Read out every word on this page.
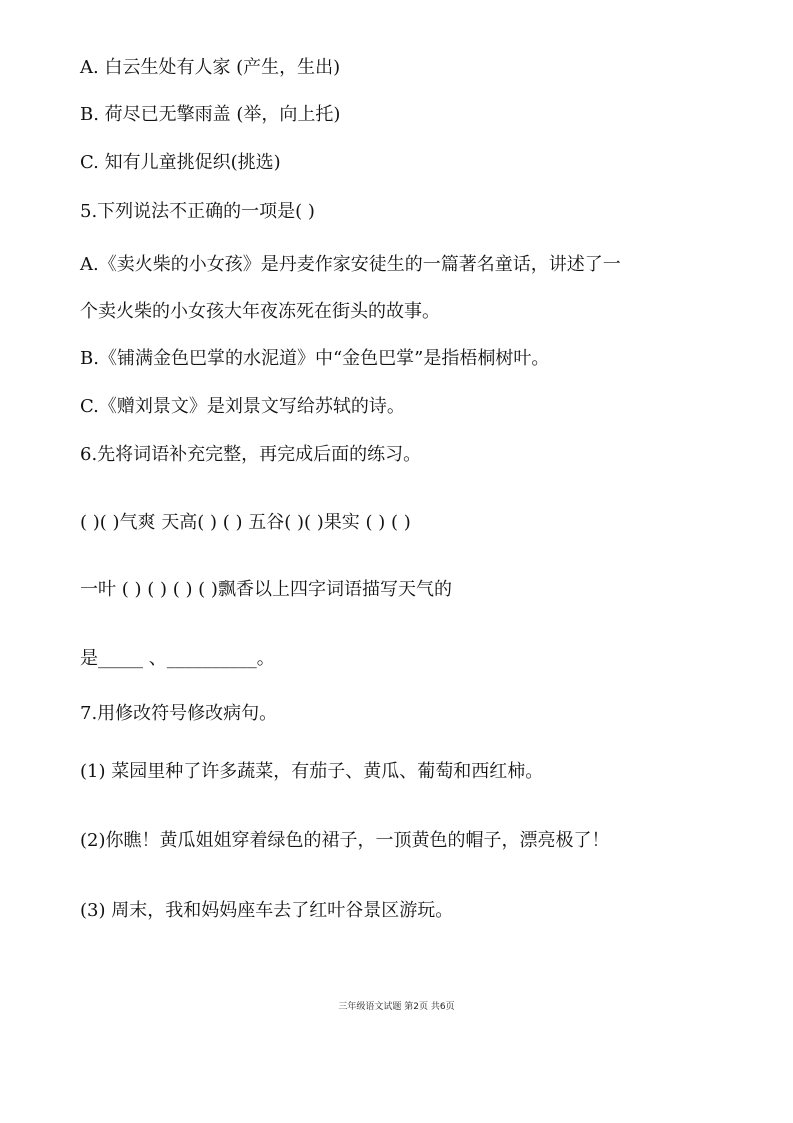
A. 白云生处有人家 (产生，生出)
B. 荷尽已无擎雨盖 (举，向上托)
C. 知有儿童挑促织(挑选)
5.下列说法不正确的一项是( )
A.《卖火柴的小女孩》是丹麦作家安徒生的一篇著名童话，讲述了一
个卖火柴的小女孩大年夜冻死在街头的故事。
B.《铺满金色巴掌的水泥道》中“金色巴掌”是指梧桐树叶。
C.《赠刘景文》是刘景文写给苏轼的诗。
6.先将词语补充完整，再完成后面的练习。
( )( )气爽 天高( ) ( ) 五谷( )( )果实 ( ) ( )
一叶 ( ) ( ) ( ) ( )飘香以上四字词语描写天气的
是_____ 、__________。
7.用修改符号修改病句。
(1) 菜园里种了许多蔬菜，有茄子、黄瓜、葡萄和西红柿。
(2)你瞧！黄瓜姐姐穿着绿色的裙子，一顶黄色的帽子，漂亮极了！
(3) 周末，我和妈妈座车去了红叶谷景区游玩。
三年级语文试题 第2页 共6页
